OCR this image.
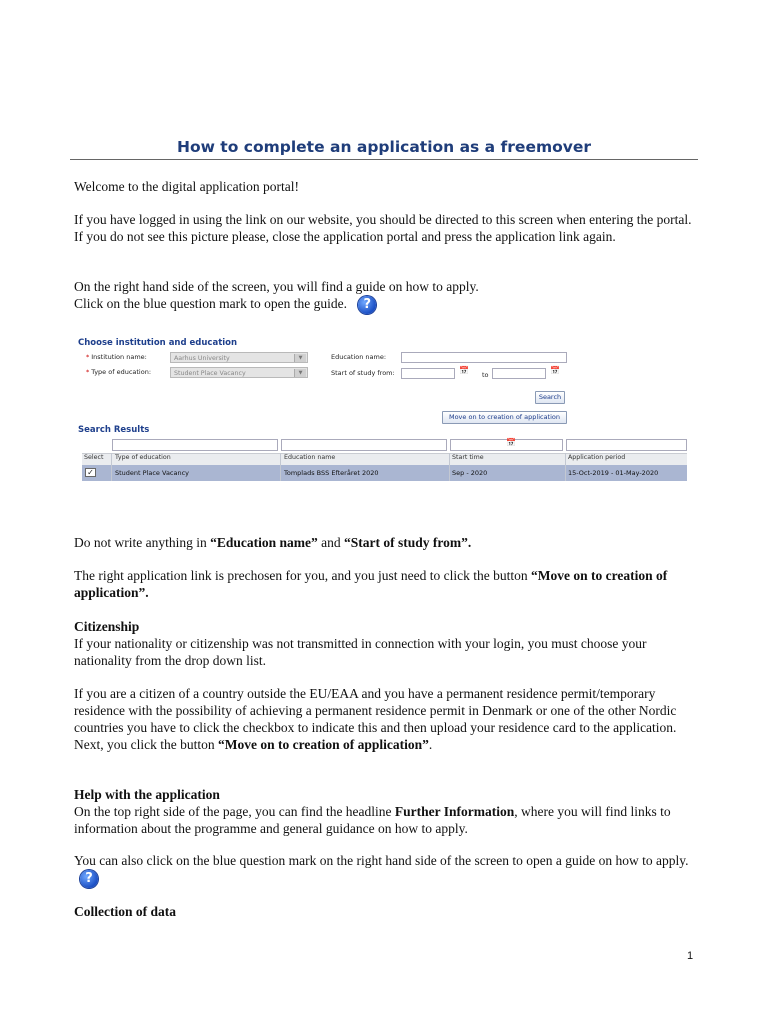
How to complete an application as a freemover
Welcome to the digital application portal!
If you have logged in using the link on our website, you should be directed to this screen when entering the portal. If you do not see this picture please, close the application portal and press the application link again.
On the right hand side of the screen, you will find a guide on how to apply.
Click on the blue question mark to open the guide. ?
Choose institution and education
* Institution name:	Aarhus University	▼
* Type of education:	Student Place Vacancy	▼
Education name:
Start of study from:	📅 to	📅
Search
Move on to creation of application
Search Results
📅
Select Type of education	Education name	Start time	Application period
✓	Student Place Vacancy	Tomplads BSS Efteråret 2020	Sep - 2020	15-Oct-2019 - 01-May-2020
Do not write anything in “Education name” and “Start of study from”.
The right application link is prechosen for you, and you just need to click the button “Move on to creation of application”.
Citizenship
If your nationality or citizenship was not transmitted in connection with your login, you must choose your nationality from the drop down list.
If you are a citizen of a country outside the EU/EAA and you have a permanent residence permit/temporary residence with the possibility of achieving a permanent residence permit in Denmark or one of the other Nordic countries you have to click the checkbox to indicate this and then upload your residence card to the application.
Next, you click the button “Move on to creation of application”.
Help with the application
On the top right side of the page, you can find the headline Further Information, where you will find links to information about the programme and general guidance on how to apply.
You can also click on the blue question mark on the right hand side of the screen to open a guide on how to apply.?
Collection of data
1
